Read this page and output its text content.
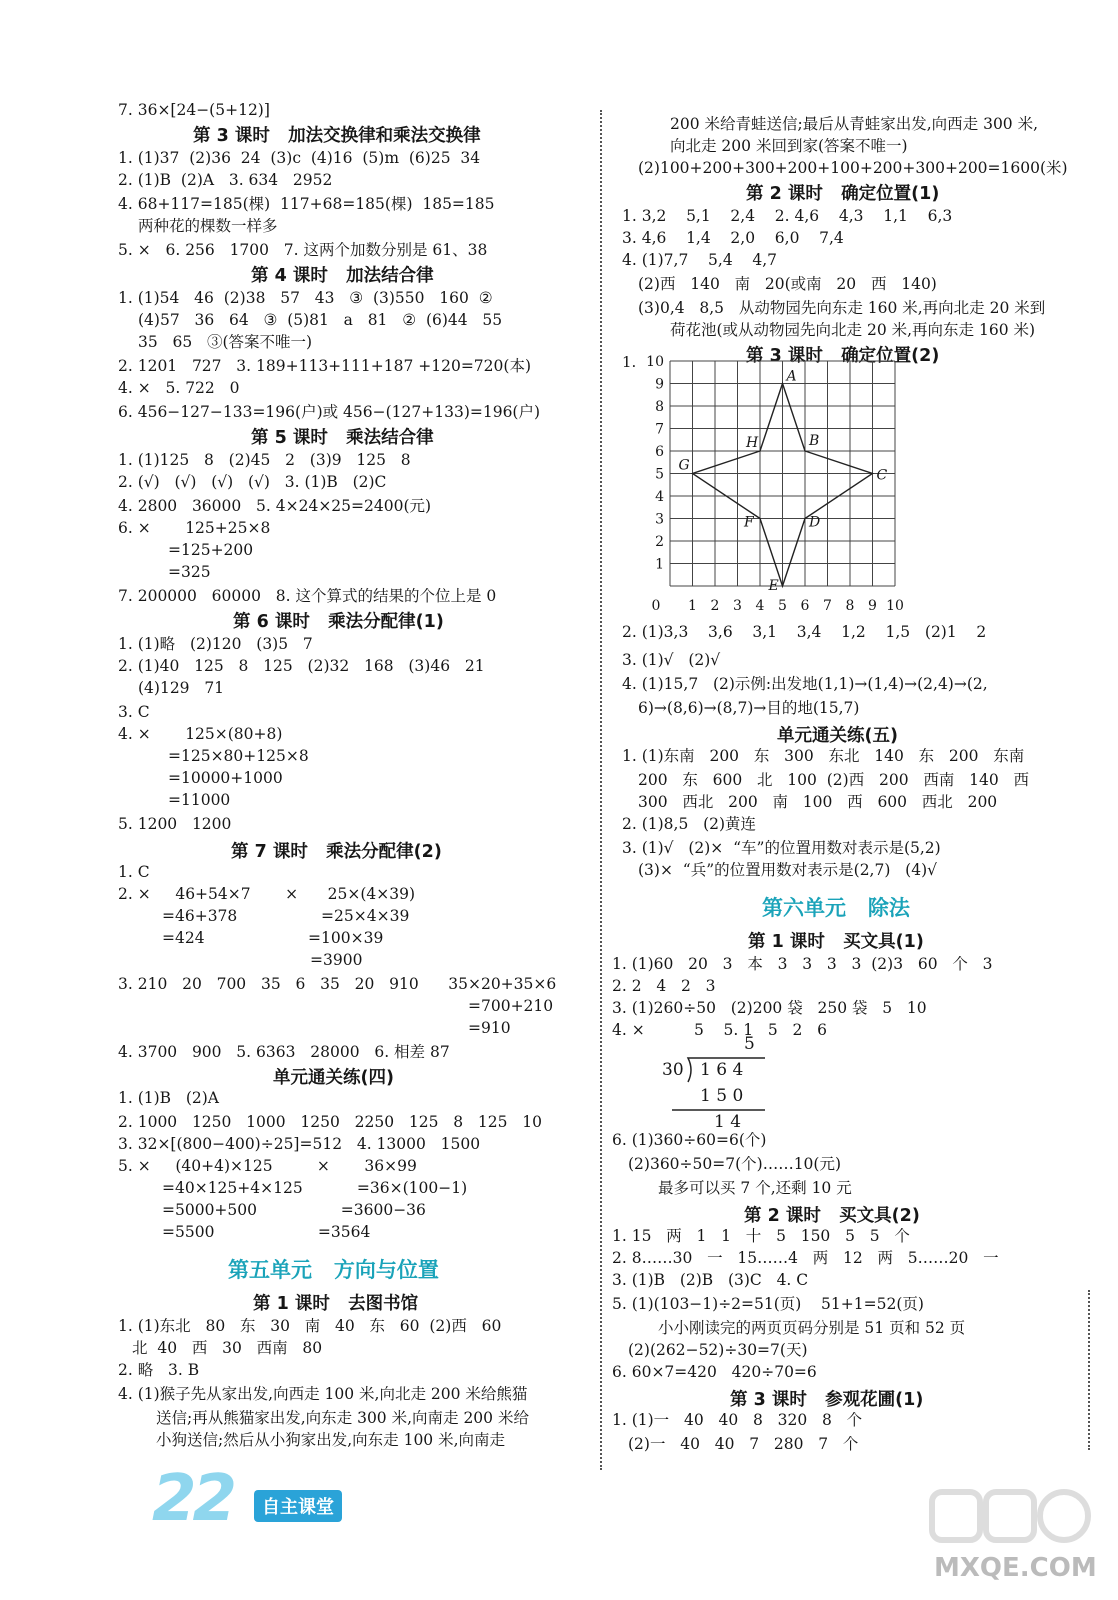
7. 36×[24−(5+12)]
第 3 课时   加法交换律和乘法交换律
1. (1)37  (2)36  24  (3)c  (4)16  (5)m  (6)25  34
2. (1)B  (2)A   3. 634   2952
4. 68+117=185(棵)  117+68=185(棵)  185=185
两种花的棵数一样多
5. ×   6. 256   1700   7. 这两个加数分别是 61、38
第 4 课时   加法结合律
1. (1)54   46  (2)38   57   43   ③  (3)550   160  ②
(4)57   36   64   ③  (5)81   a   81   ②  (6)44   55
35   65   ③(答案不唯一)
2. 1201   727   3. 189+113+111+187 +120=720(本)
4. ×   5. 722   0
6. 456−127−133=196(户)或 456−(127+133)=196(户)
第 5 课时   乘法结合律
1. (1)125   8   (2)45   2   (3)9   125   8
2. (√)   (√)   (√)   (√)   3. (1)B   (2)C
4. 2800   36000   5. 4×24×25=2400(元)
6. ×       125+25×8
=125+200
=325
7. 200000   60000   8. 这个算式的结果的个位上是 0
第 6 课时   乘法分配律(1)
1. (1)略   (2)120   (3)5   7
2. (1)40   125   8   125   (2)32   168   (3)46   21
(4)129   71
3. C
4. ×       125×(80+8)
=125×80+125×8
=10000+1000
=11000
5. 1200   1200
第 7 课时   乘法分配律(2)
1. C
2. ×     46+54×7       ×      25×(4×39)
=46+378                 =25×4×39
=424                     =100×39
=3900
3. 210   20   700   35   6   35   20   910      35×20+35×6
=700+210
=910
4. 3700   900   5. 6363   28000   6. 相差 87
单元通关练(四)
1. (1)B   (2)A
2. 1000   1250   1000   1250   2250   125   8   125   10
3. 32×[(800−400)÷25]=512   4. 13000   1500
5. ×     (40+4)×125         ×       36×99
=40×125+4×125           =36×(100−1)
=5000+500                 =3600−36
=5500                     =3564
第五单元   方向与位置
第 1 课时   去图书馆
1. (1)东北   80   东   30   南   40   东   60  (2)西   60
北  40   西   30   西南   80
2. 略   3. B
4. (1)猴子先从家出发,向西走 100 米,向北走 200 米给熊猫
送信;再从熊猫家出发,向东走 300 米,向南走 200 米给
小狗送信;然后从小狗家出发,向东走 100 米,向南走
200 米给青蛙送信;最后从青蛙家出发,向西走 300 米,
向北走 200 米回到家(答案不唯一)
(2)100+200+300+200+100+200+300+200=1600(米)
第 2 课时   确定位置(1)
1. 3,2    5,1    2,4    2. 4,6    4,3    1,1    6,3
3. 4,6    1,4    2,0    6,0    7,4
4. (1)7,7    5,4    4,7
(2)西   140   南   20(或南   20   西   140)
(3)0,4   8,5   从动物园先向东走 160 米,再向北走 20 米到
荷花池(或从动物园先向北走 20 米,再向东走 160 米)
第 3 课时   确定位置(2)
2. (1)3,3    3,6    3,1    3,4    1,2    1,5   (2)1    2
3. (1)√   (2)√
4. (1)15,7   (2)示例:出发地(1,1)→(1,4)→(2,4)→(2,
6)→(8,6)→(8,7)→目的地(15,7)
单元通关练(五)
1. (1)东南   200   东   300   东北   140   东   200   东南
200   东   600   北   100  (2)西   200   西南   140   西
300   西北   200   南   100   西   600   西北   200
2. (1)8,5   (2)黄连
3. (1)√   (2)×  “车”的位置用数对表示是(5,2)
(3)×  “兵”的位置用数对表示是(2,7)   (4)√
第六单元   除法
第 1 课时   买文具(1)
1. (1)60   20   3   本   3   3   3   3  (2)3   60   个   3
2. 2   4   2   3
3. (1)260÷50   (2)200 袋   250 袋   5   10
4. ×          5    5. 1   5   2   6
6. (1)360÷60=6(个)
(2)360÷50=7(个)……10(元)
最多可以买 7 个,还剩 10 元
第 2 课时   买文具(2)
1. 15   两   1   1   十   5   150   5   5   个
2. 8……30   一   15……4   两   12   两   5……20   一
3. (1)B   (2)B   (3)C   4. C
5. (1)(103−1)÷2=51(页)    51+1=52(页)
小小刚读完的两页页码分别是 51 页和 52 页
(2)(262−52)÷30=7(天)
6. 60×7=420   420÷70=6
第 3 课时   参观花圃(1)
1. (1)一   40   40   8   320   8   个
(2)一   40   40   7   280   7   个
1.
0 1 2 3 4 5 6 7 8 9 10
1
2
3
4
5
6
7
8
9
10
A
B
C
D
E
F
G
H
5
30 1 6 4
1 5 0
1 4
22	自主课堂
MXQE.COM
